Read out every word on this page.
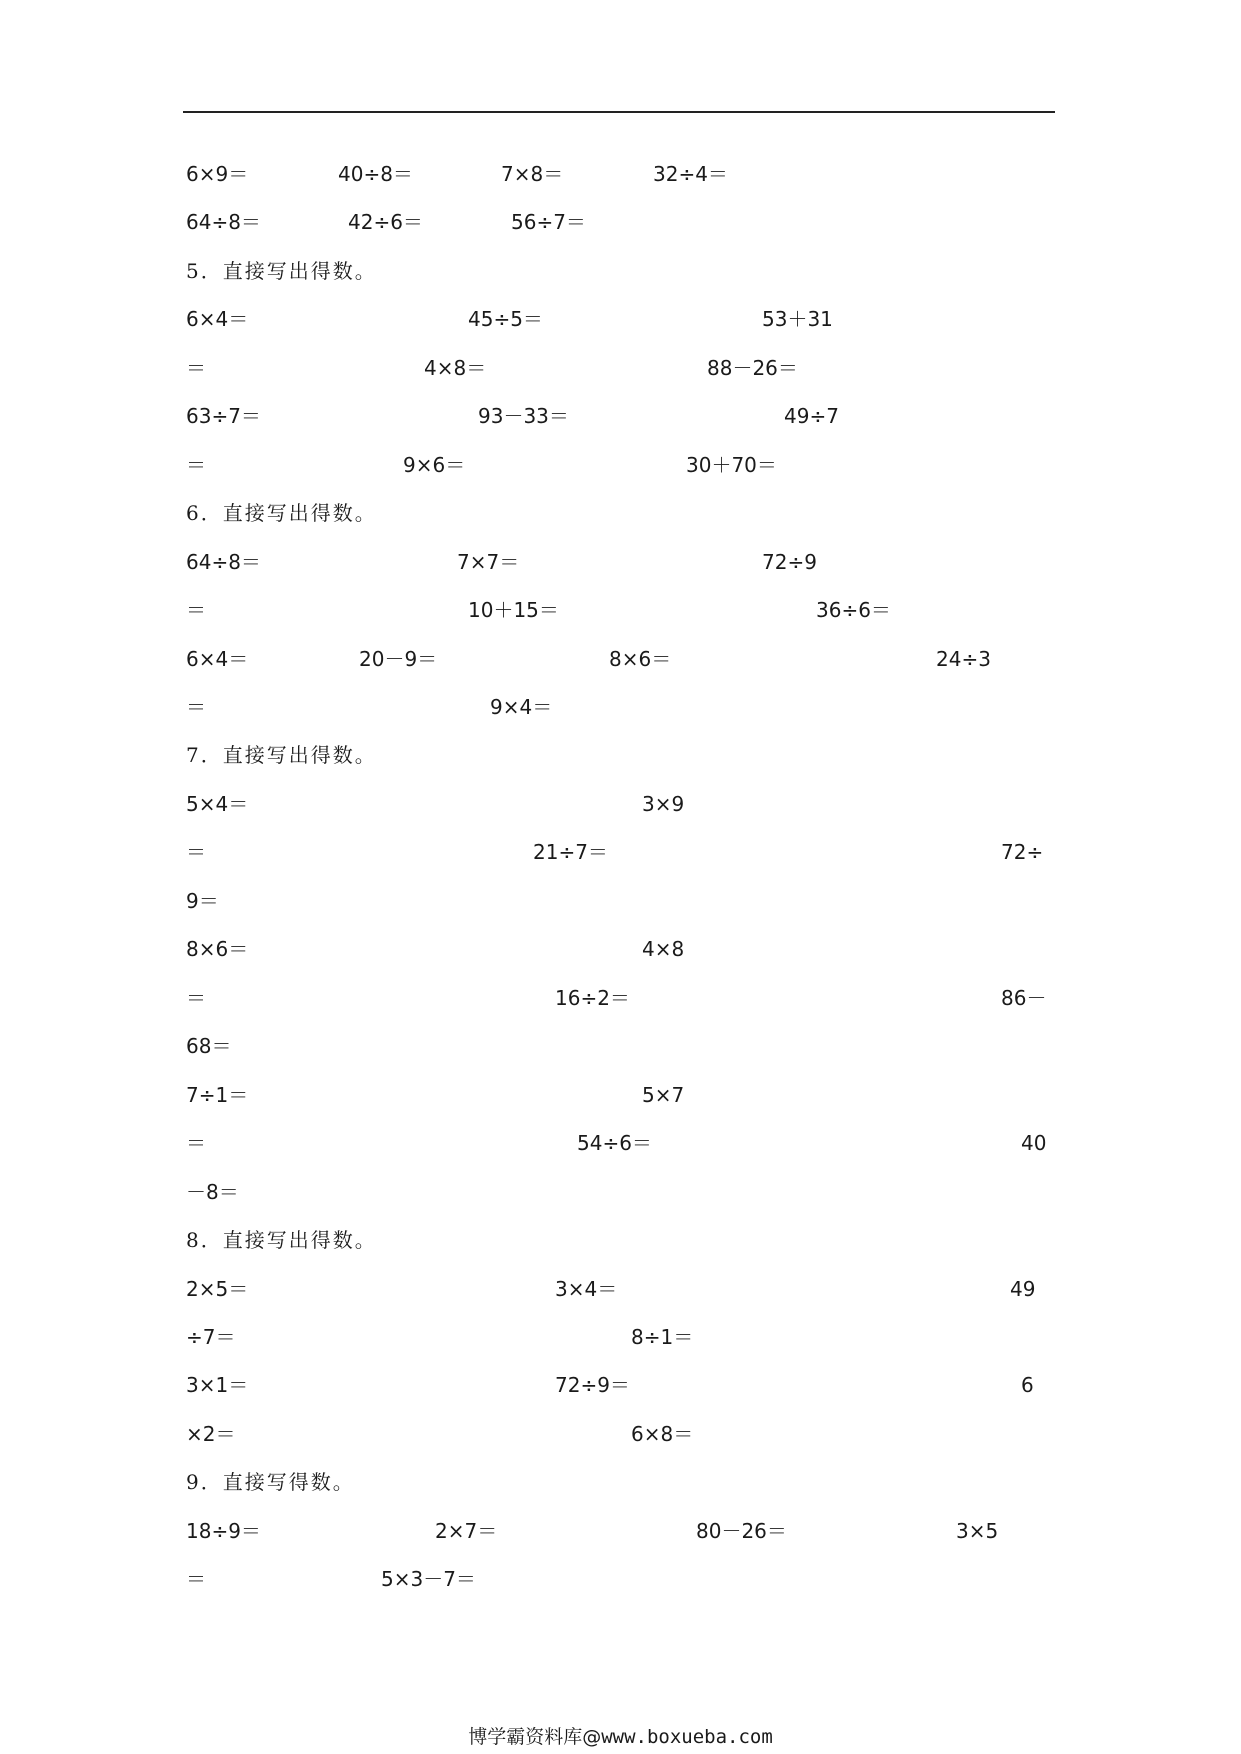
6×9＝	40÷8＝	7×8＝	32÷4＝
64÷8＝	42÷6＝	56÷7＝
5．直接写出得数。
6×4＝	45÷5＝	53＋31
＝	4×8＝	88－26＝
63÷7＝	93－33＝	49÷7
＝	9×6＝	30＋70＝
6．直接写出得数。
64÷8＝	7×7＝	72÷9
＝	10＋15＝	36÷6＝
6×4＝	20－9＝	8×6＝	24÷3
＝	9×4＝
7．直接写出得数。
5×4＝	3×9
＝	21÷7＝	72÷
9＝
8×6＝	4×8
＝	16÷2＝	86－
68＝
7÷1＝	5×7
＝	54÷6＝	40
－8＝
8．直接写出得数。
2×5＝	3×4＝	49
÷7＝	8÷1＝
3×1＝	72÷9＝	6
×2＝	6×8＝
9．直接写得数。
18÷9＝	2×7＝	80－26＝	3×5
＝	5×3－7＝
博学霸资料库@www.boxueba.com
